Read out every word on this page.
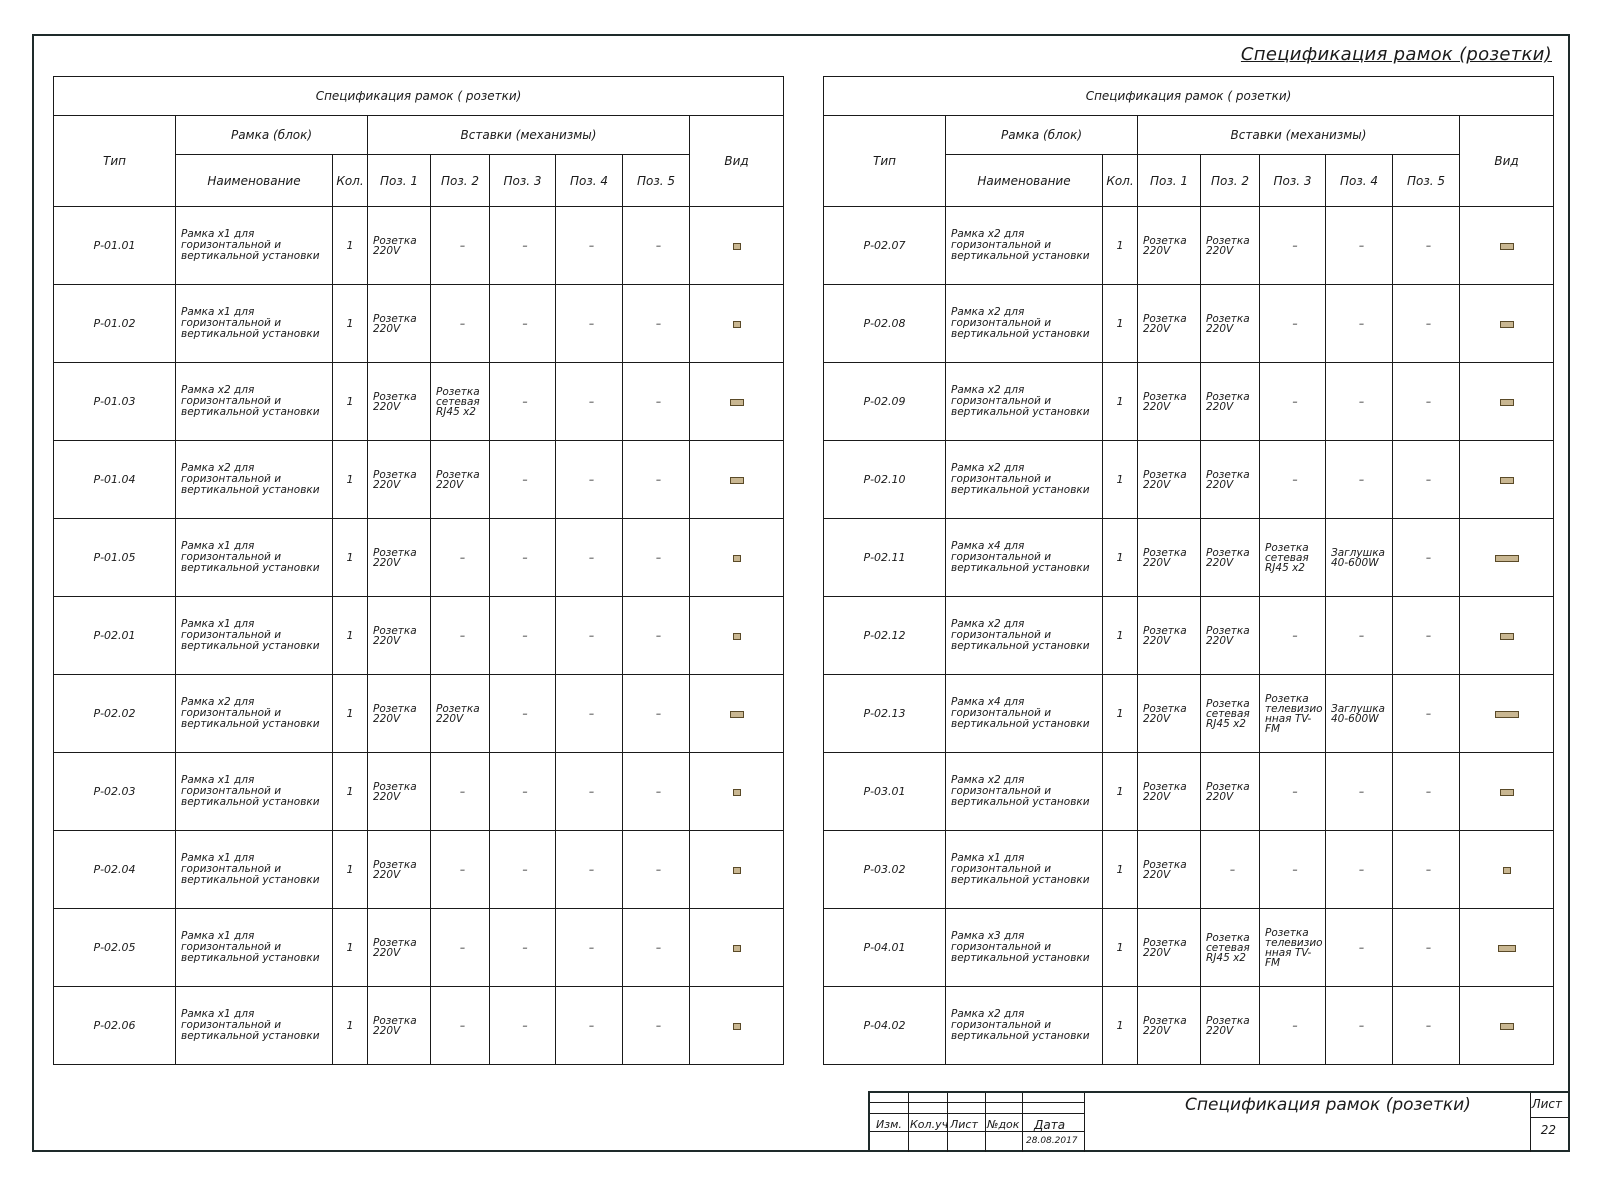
Спецификация рамок (розетки)
Спецификация рамок ( розетки)								
Тип	Рамка (блок)		Вставки (механизмы)					Вид
	Наименование	Кол.	Поз. 1	Поз. 2	Поз. 3	Поз. 4	Поз. 5	
Р-01.01	Рамка х1 для горизонтальной и вертикальной установки	1	Розетка 220V	–	–	–	–	
Р-01.02	Рамка х1 для горизонтальной и вертикальной установки	1	Розетка 220V	–	–	–	–	
Р-01.03	Рамка х2 для горизонтальной и вертикальной установки	1	Розетка 220V	Розетка сетевая RJ45 х2	–	–	–	
Р-01.04	Рамка х2 для горизонтальной и вертикальной установки	1	Розетка 220V	Розетка 220V	–	–	–	
Р-01.05	Рамка х1 для горизонтальной и вертикальной установки	1	Розетка 220V	–	–	–	–	
Р-02.01	Рамка х1 для горизонтальной и вертикальной установки	1	Розетка 220V	–	–	–	–	
Р-02.02	Рамка х2 для горизонтальной и вертикальной установки	1	Розетка 220V	Розетка 220V	–	–	–	
Р-02.03	Рамка х1 для горизонтальной и вертикальной установки	1	Розетка 220V	–	–	–	–	
Р-02.04	Рамка х1 для горизонтальной и вертикальной установки	1	Розетка 220V	–	–	–	–	
Р-02.05	Рамка х1 для горизонтальной и вертикальной установки	1	Розетка 220V	–	–	–	–	
Р-02.06	Рамка х1 для горизонтальной и вертикальной установки	1	Розетка 220V	–	–	–	–	
Спецификация рамок ( розетки)								
Тип	Рамка (блок)		Вставки (механизмы)					Вид
	Наименование	Кол.	Поз. 1	Поз. 2	Поз. 3	Поз. 4	Поз. 5	
Р-02.07	Рамка х2 для горизонтальной и вертикальной установки	1	Розетка 220V	Розетка 220V	–	–	–	
Р-02.08	Рамка х2 для горизонтальной и вертикальной установки	1	Розетка 220V	Розетка 220V	–	–	–	
Р-02.09	Рамка х2 для горизонтальной и вертикальной установки	1	Розетка 220V	Розетка 220V	–	–	–	
Р-02.10	Рамка х2 для горизонтальной и вертикальной установки	1	Розетка 220V	Розетка 220V	–	–	–	
Р-02.11	Рамка х4 для горизонтальной и вертикальной установки	1	Розетка 220V	Розетка 220V	Розетка сетевая RJ45 х2	Заглушка 40-600W	–	
Р-02.12	Рамка х2 для горизонтальной и вертикальной установки	1	Розетка 220V	Розетка 220V	–	–	–	
Р-02.13	Рамка х4 для горизонтальной и вертикальной установки	1	Розетка 220V	Розетка сетевая RJ45 х2	Розетка телевизио нная TV-FM	Заглушка 40-600W	–	
Р-03.01	Рамка х2 для горизонтальной и вертикальной установки	1	Розетка 220V	Розетка 220V	–	–	–	
Р-03.02	Рамка х1 для горизонтальной и вертикальной установки	1	Розетка 220V	–	–	–	–	
Р-04.01	Рамка х3 для горизонтальной и вертикальной установки	1	Розетка 220V	Розетка сетевая RJ45 х2	Розетка телевизио нная TV-FM	–	–	
Р-04.02	Рамка х2 для горизонтальной и вертикальной установки	1	Розетка 220V	Розетка 220V	–	–	–	
Изм. Кол.уч Лист №док Дата
28.08.2017
Спецификация рамок (розетки)	Лист
22
